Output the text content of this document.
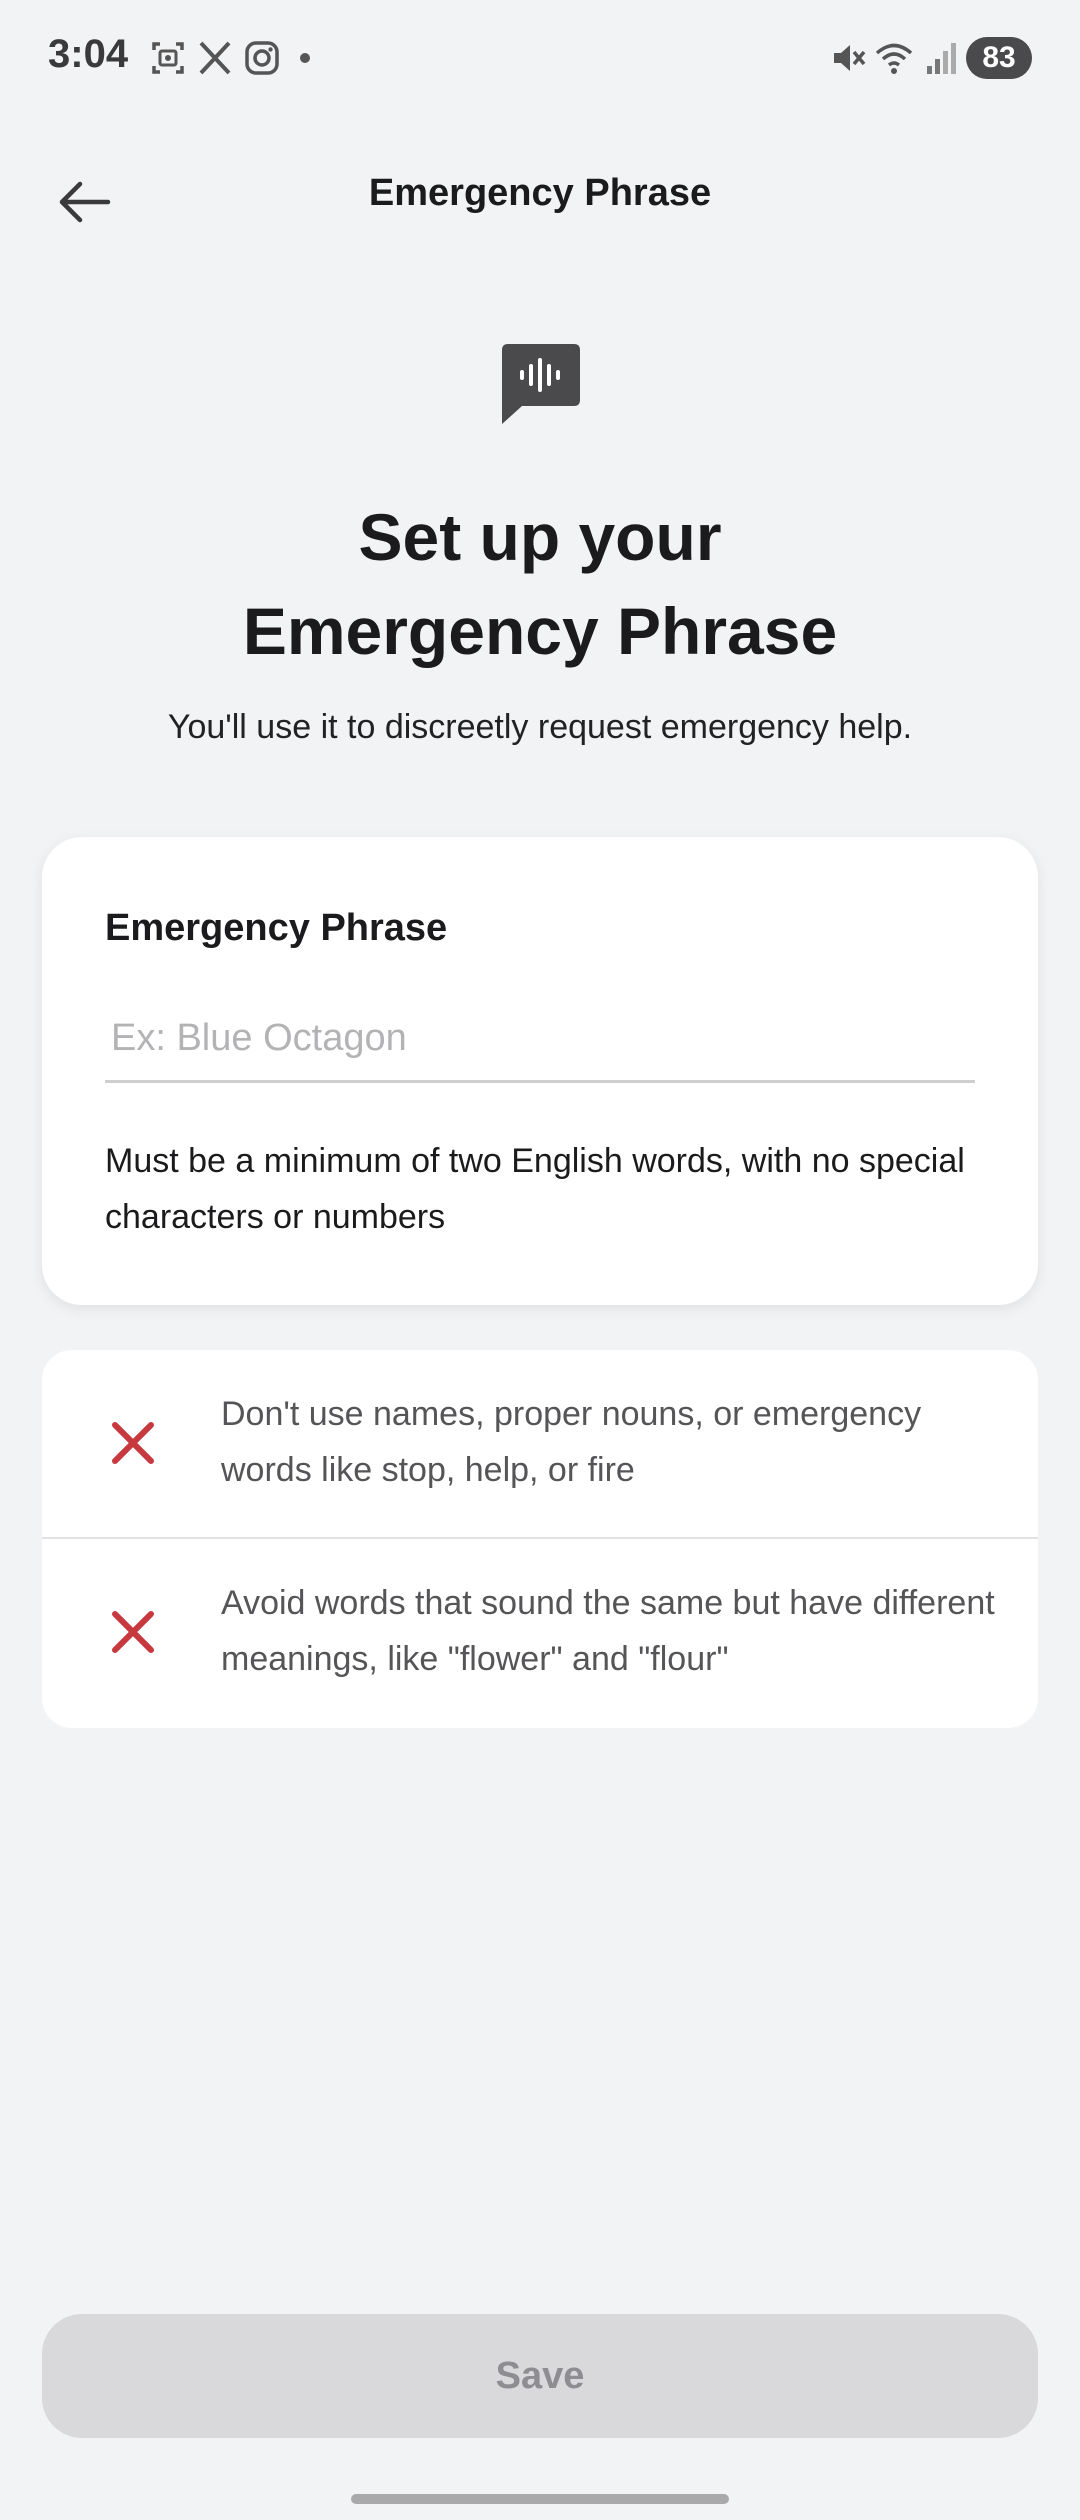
3:04	83
Emergency Phrase
Set up your
Emergency Phrase
You'll use it to discreetly request emergency help.
Emergency Phrase
Ex: Blue Octagon
Must be a minimum of two English words, with no special characters or numbers
Don't use names, proper nouns, or emergency words like stop, help, or fire
Avoid words that sound the same but have different meanings, like "flower" and "flour"
Save
